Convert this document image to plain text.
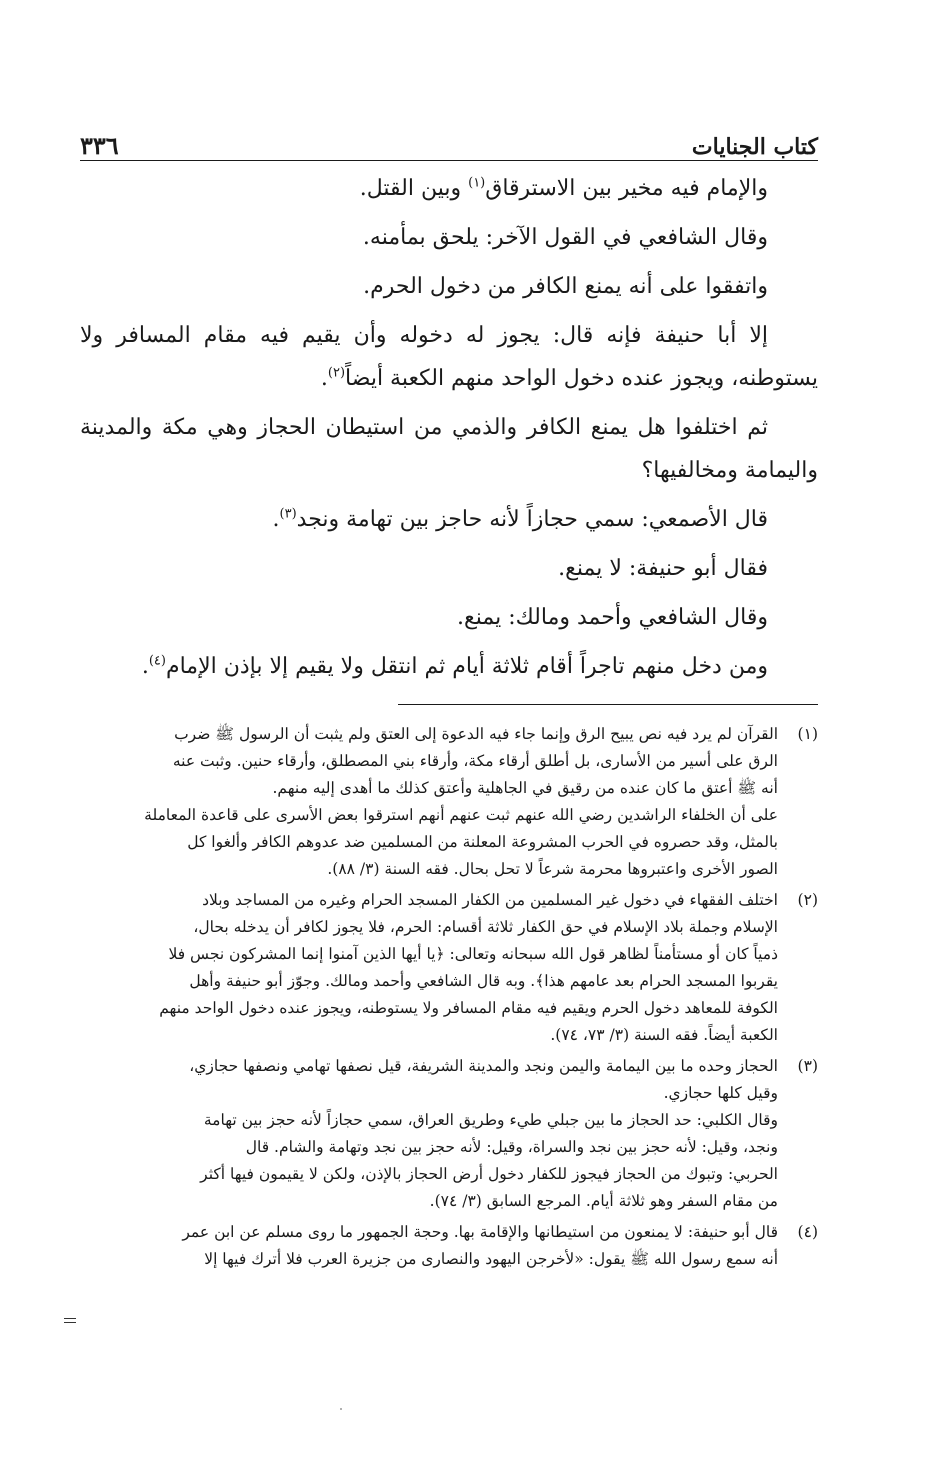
كتاب الجنايات
٣٣٦
والإمام فيه مخير بين الاسترقاق$^{(١)}$ وبين القتل.
وقال الشافعي في القول الآخر: يلحق بمأمنه.
واتفقوا على أنه يمنع الكافر من دخول الحرم.
إلا أبا حنيفة فإنه قال: يجوز له دخوله وأن يقيم فيه مقام المسافر ولا يستوطنه، ويجوز عنده دخول الواحد منهم الكعبة أيضاً$^{(٢)}$.
ثم اختلفوا هل يمنع الكافر والذمي من استيطان الحجاز وهي مكة والمدينة واليمامة ومخالفيها؟
قال الأصمعي: سمي حجازاً لأنه حاجز بين تهامة ونجد$^{(٣)}$.
فقال أبو حنيفة: لا يمنع.
وقال الشافعي وأحمد ومالك: يمنع.
ومن دخل منهم تاجراً أقام ثلاثة أيام ثم انتقل ولا يقيم إلا بإذن الإمام$^{(٤)}$.
(١)
القرآن لم يرد فيه نص يبيح الرق وإنما جاء فيه الدعوة إلى العتق ولم يثبت أن الرسول ﷺ ضرب
الرق على أسير من الأسارى، بل أطلق أرقاء مكة، وأرقاء بني المصطلق، وأرقاء حنين. وثبت عنه
أنه ﷺ أعتق ما كان عنده من رقيق في الجاهلية وأعتق كذلك ما أهدى إليه منهم.
على أن الخلفاء الراشدين رضي الله عنهم ثبت عنهم أنهم استرقوا بعض الأسرى على قاعدة المعاملة
بالمثل، وقد حصروه في الحرب المشروعة المعلنة من المسلمين ضد عدوهم الكافر وألغوا كل
الصور الأخرى واعتبروها محرمة شرعاً لا تحل بحال. فقه السنة (٣/ ٨٨).
(٢)
اختلف الفقهاء في دخول غير المسلمين من الكفار المسجد الحرام وغيره من المساجد وبلاد
الإسلام وجملة بلاد الإسلام في حق الكفار ثلاثة أقسام: الحرم، فلا يجوز لكافر أن يدخله بحال،
ذمياً كان أو مستأمناً لظاهر قول الله سبحانه وتعالى: ﴿يا أيها الذين آمنوا إنما المشركون نجس فلا
يقربوا المسجد الحرام بعد عامهم هذا﴾. وبه قال الشافعي وأحمد ومالك. وجوّز أبو حنيفة وأهل
الكوفة للمعاهد دخول الحرم ويقيم فيه مقام المسافر ولا يستوطنه، ويجوز عنده دخول الواحد منهم
الكعبة أيضاً. فقه السنة (٣/ ٧٣، ٧٤).
(٣)
الحجاز وحده ما بين اليمامة واليمن ونجد والمدينة الشريفة، قيل نصفها تهامي ونصفها حجازي،
وقيل كلها حجازي.
وقال الكلبي: حد الحجاز ما بين جبلي طيء وطريق العراق، سمي حجازاً لأنه حجز بين تهامة
ونجد، وقيل: لأنه حجز بين نجد والسراة، وقيل: لأنه حجز بين نجد وتهامة والشام. قال
الحربي: وتبوك من الحجاز فيجوز للكفار دخول أرض الحجاز بالإذن، ولكن لا يقيمون فيها أكثر
من مقام السفر وهو ثلاثة أيام. المرجع السابق (٣/ ٧٤).
(٤)
قال أبو حنيفة: لا يمنعون من استيطانها والإقامة بها. وحجة الجمهور ما روى مسلم عن ابن عمر
أنه سمع رسول الله ﷺ يقول: «لأخرجن اليهود والنصارى من جزيرة العرب فلا أترك فيها إلا
